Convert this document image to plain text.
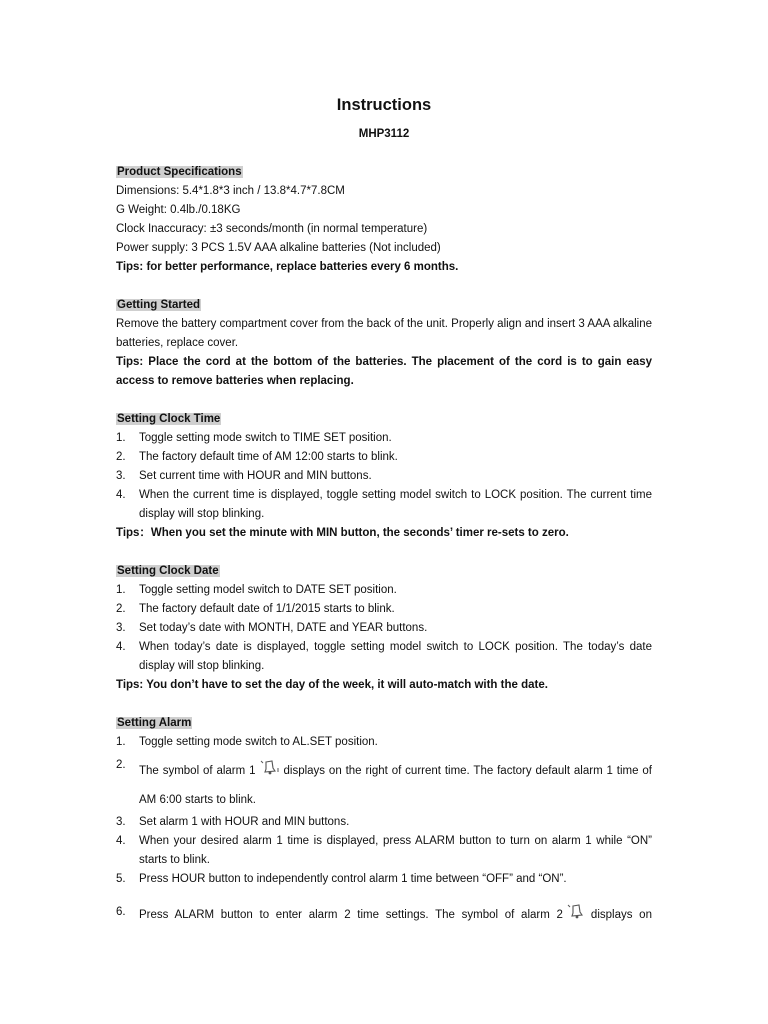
Instructions
MHP3112

Product Specifications

Dimensions: 5.4*1.8*3 inch / 13.8*4.7*7.8CM

G Weight: 0.4lb./0.18KG

Clock Inaccuracy: ±3 seconds/month (in normal temperature)

Power supply: 3 PCS 1.5V AAA alkaline batteries (Not included)

Tips: for better performance, replace batteries every 6 months.

Getting Started

Remove the battery compartment cover from the back of the unit. Properly align and insert 3 AAA alkaline batteries, replace cover.

Tips: Place the cord at the bottom of the batteries. The placement of the cord is to gain easy access to remove batteries when replacing.

Setting Clock Time

1. Toggle setting mode switch to TIME SET position.
2. The factory default time of AM 12:00 starts to blink.
3. Set current time with HOUR and MIN buttons.
4. When the current time is displayed, toggle setting model switch to LOCK position. The current time display will stop blinking.

Tips：When you set the minute with MIN button, the seconds’ timer re-sets to zero.

Setting Clock Date

1. Toggle setting model switch to DATE SET position.
2. The factory default date of 1/1/2015 starts to blink.
3. Set today’s date with MONTH, DATE and YEAR buttons.
4. When today’s date is displayed, toggle setting model switch to LOCK position. The today’s date display will stop blinking.

Tips: You don’t have to set the day of the week, it will auto-match with the date.

Setting Alarm

1. Toggle setting mode switch to AL.SET position.
2. The symbol of alarm 1 displays on the right of current time. The factory default alarm 1 time of AM 6:00 starts to blink.
3. Set alarm 1 with HOUR and MIN buttons.
4. When your desired alarm 1 time is displayed, press ALARM button to turn on alarm 1 while “ON” starts to blink.
5. Press HOUR button to independently control alarm 1 time between “OFF” and “ON”.
6. Press ALARM button to enter alarm 2 time settings. The symbol of alarm 2 displays on
